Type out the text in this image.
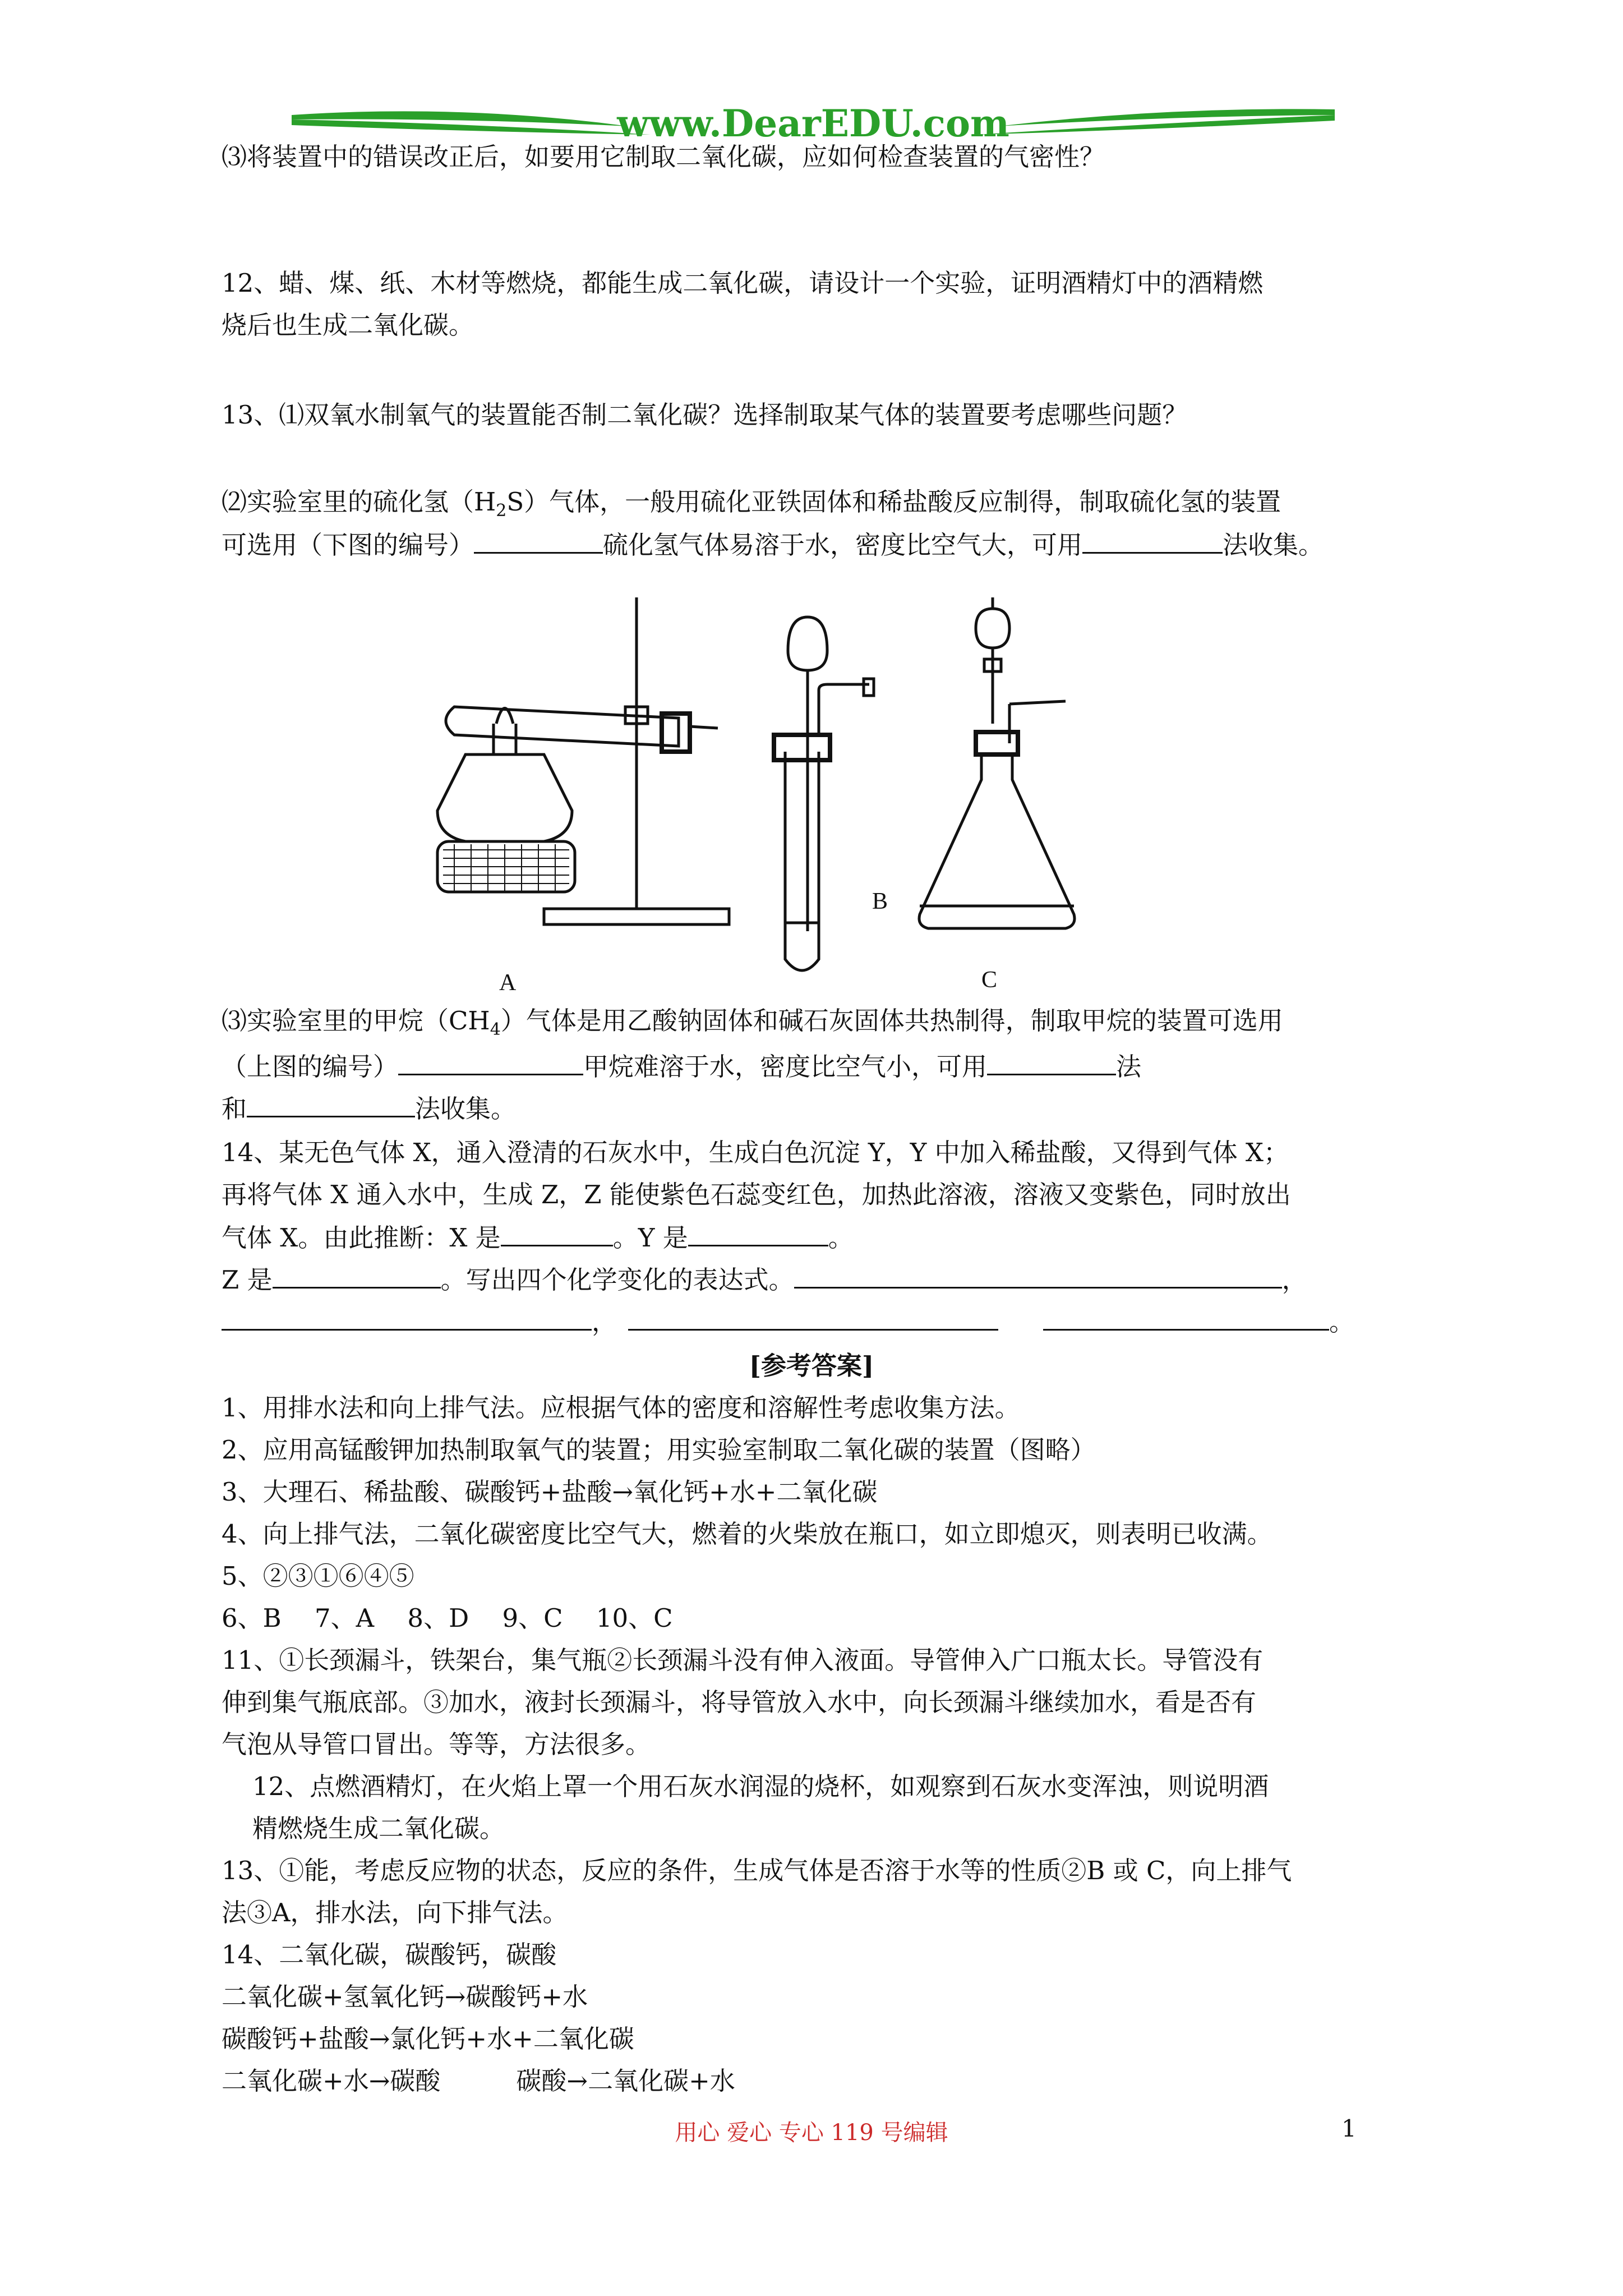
www.DearEDU.com
⑶将装置中的错误改正后，如要用它制取二氧化碳，应如何检查装置的气密性？
12、蜡、煤、纸、木材等燃烧，都能生成二氧化碳，请设计一个实验，证明酒精灯中的酒精燃
烧后也生成二氧化碳。
13、⑴双氧水制氧气的装置能否制二氧化碳？选择制取某气体的装置要考虑哪些问题？
⑵实验室里的硫化氢$(H_2S)$气体，一般用硫化亚铁固体和稀盐酸反应制得，制取硫化氢的装置
可选用（下图的编号）	硫化氢气体易溶于水，密度比空气大，可用	法收集。
A
B
C
⑶实验室里的甲烷$(CH_4)$气体是用乙酸钠固体和碱石灰固体共热制得，制取甲烷的装置可选用
（上图的编号）	甲烷难溶于水，密度比空气小，可用	法
和	法收集。
14、某无色气体 X，通入澄清的石灰水中，生成白色沉淀 Y，Y 中加入稀盐酸，又得到气体 X；
再将气体 X 通入水中，生成 Z，Z 能使紫色石蕊变红色，加热此溶液，溶液又变紫色，同时放出
气体 X。由此推断：X 是	。Y 是	。
Z 是	。写出四个化学变化的表达式。	，
，	。
[参考答案]
1、用排水法和向上排气法。应根据气体的密度和溶解性考虑收集方法。
2、应用高锰酸钾加热制取氧气的装置；用实验室制取二氧化碳的装置（图略）
3、大理石、稀盐酸、碳酸钙+盐酸→氧化钙+水+二氧化碳
4、向上排气法，二氧化碳密度比空气大，燃着的火柴放在瓶口，如立即熄灭，则表明已收满。
5、②③①⑥④⑤
6、B　 7、A　 8、D　 9、C　 10、C
11、①长颈漏斗，铁架台，集气瓶②长颈漏斗没有伸入液面。导管伸入广口瓶太长。导管没有
伸到集气瓶底部。③加水，液封长颈漏斗，将导管放入水中，向长颈漏斗继续加水，看是否有
气泡从导管口冒出。等等，方法很多。
12、点燃酒精灯，在火焰上罩一个用石灰水润湿的烧杯，如观察到石灰水变浑浊，则说明酒
精燃烧生成二氧化碳。
13、①能，考虑反应物的状态，反应的条件，生成气体是否溶于水等的性质②B 或 C，向上排气
法③A，排水法，向下排气法。
14、二氧化碳，碳酸钙，碳酸
二氧化碳+氢氧化钙→碳酸钙+水
碳酸钙+盐酸→氯化钙+水+二氧化碳
二氧化碳+水→碳酸　　　碳酸→二氧化碳+水
用心 爱心 专心 119 号编辑	1
